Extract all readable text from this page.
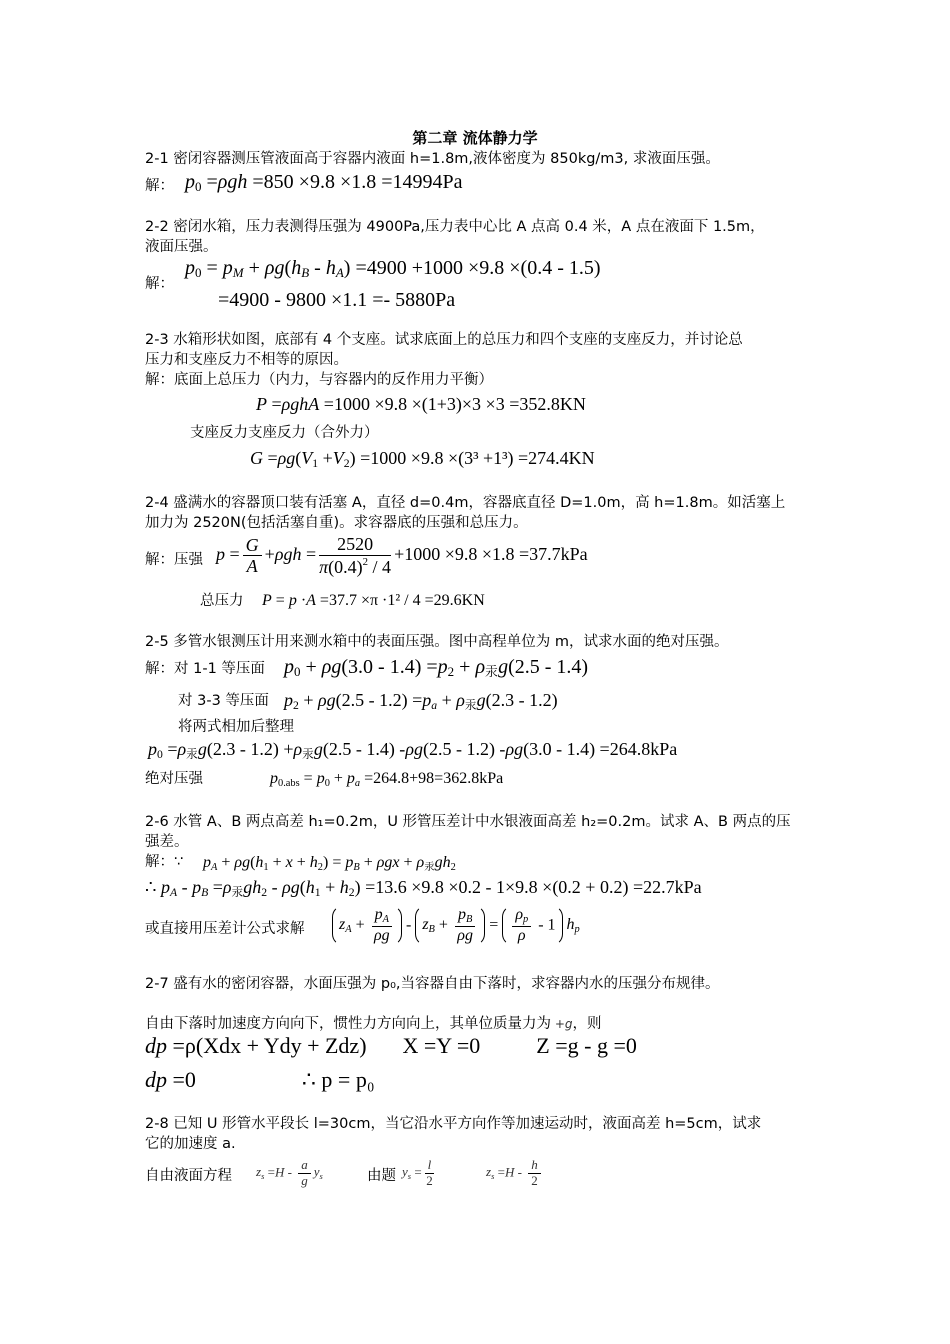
第二章 流体静力学
2-1 密闭容器测压管液面高于容器内液面 h=1.8m,液体密度为 850kg/m3, 求液面压强。
解： $p_0 =\rho gh =850 \times 9.8 \times 1.8 =14994Pa$
2-2 密闭水箱，压力表测得压强为 4900Pa,压力表中心比 A 点高 0.4 米，A 点在液面下 1.5m，
液面压强。
解：
$p_0 = p_M + \rho g(h_B - h_A) =4900 +1000 \times 9.8 \times(0.4 - 1.5)$
=4900 - 9800 ×1.1 =- 5880Pa
2-3 水箱形状如图，底部有 4 个支座。试求底面上的总压力和四个支座的支座反力，并讨论总
压力和支座反力不相等的原因。
解：底面上总压力（内力，与容器内的反作用力平衡）
P =ρghA =1000 ×9.8 ×(1+3)×3 ×3 =352.8KN
支座反力支座反力（合外力）
$G =\rho g(V_1 +V_2) =1000 \times 9.8 \times(3^3 +1^3) =274.4KN$
2-4 盛满水的容器顶口装有活塞 A，直径 d=0.4m，容器底直径 D=1.0m，高 h=1.8m。如活塞上
加力为 2520N(包括活塞自重)。求容器底的压强和总压力。
解：压强 $p = \frac{G}{A} +\rho gh = \frac{2520}{\pi(0.4)^2 / 4} +1000 \times 9.8 \times 1.8 =37.7kPa$
总压力 P = p ·A =37.7 ×π ·1² / 4 =29.6KN
2-5 多管水银测压计用来测水箱中的表面压强。图中高程单位为 m，试求水面的绝对压强。
解：对 1-1 等压面 $p_0 + \rho g(3.0 - 1.4) =p_2 + \rho_汞g(2.5 - 1.4)$
对 3-3 等压面 $p_2 + \rho g(2.5 - 1.2) =p_a + \rho_汞g(2.3 - 1.2)$
将两式相加后整理
$p_0 =\rho_汞g(2.3 - 1.2) +\rho_汞g(2.5 - 1.4)$ -ρg(2.5 - 1.2) -ρg(3.0 - 1.4) =264.8kPa
绝对压强	$p_{0.abs} = p_0 + p_a =264.8+98=362.8kPa$
2-6 水管 A、B 两点高差 h₁=0.2m，U 形管压差计中水银液面高差 h₂=0.2m。试求 A、B 两点的压
强差。
解：∵ $p_A + \rho g(h_1 + x + h_2) = p_B + \rho gx + \rho_汞gh_2$
∴ $p_A - p_B =\rho_汞gh_2 - \rho g(h_1 + h_2) =13.6 \times 9.8 \times 0.2 - 1\times 9.8 \times(0.2 + 0.2) =22.7kPa$
或直接用压差计公式求解	$z_A + \frac{p_A}{\rho g} - z_B + \frac{p_B}{\rho g} = \frac{\rho_p}{\rho} - 1$ $h_p$
2-7 盛有水的密闭容器，水面压强为 p₀,当容器自由下落时，求容器内水的压强分布规律。
自由下落时加速度方向向下，惯性力方向向上，其单位质量力为 +g，则
dp =ρ(Xdx + Ydy + Zdz) X =Y =0	Z =g - g =0
dp =0	∴ p = p₀
2-8 已知 U 形管水平段长 l=30cm，当它沿水平方向作等加速运动时，液面高差 h=5cm，试求
它的加速度 a.
自由液面方程 $z_s =H - \frac{a}{g} y_s$	由题 $y_s = \frac{l}{2}$	$z_s =H - \frac{h}{2}$
